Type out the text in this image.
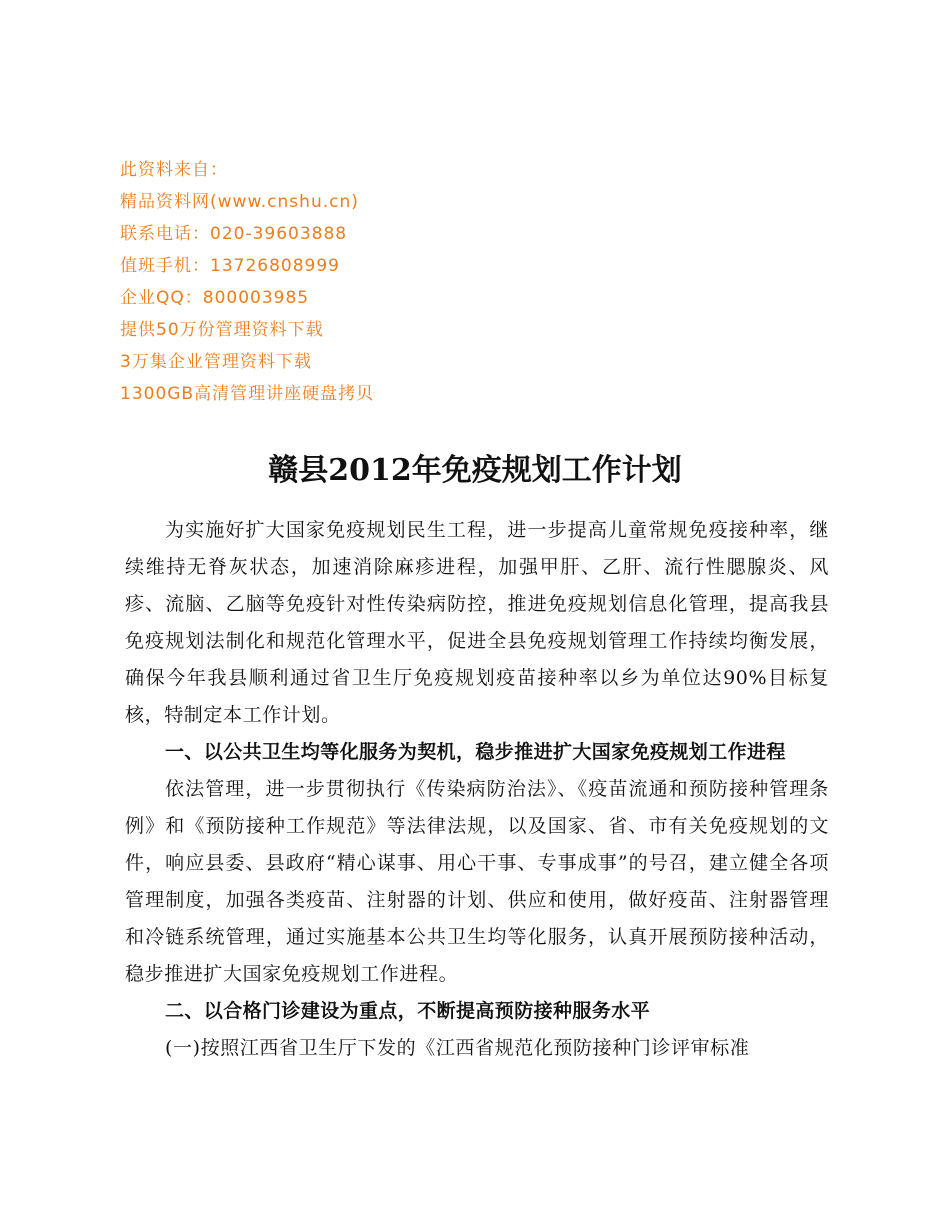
此资料来自：
精品资料网(www.cnshu.cn)
联系电话：020-39603888
值班手机：13726808999
企业QQ：800003985
提供50万份管理资料下载
3万集企业管理资料下载
1300GB高清管理讲座硬盘拷贝
赣县2012年免疫规划工作计划

为实施好扩大国家免疫规划民生工程，进一步提高儿童常规免疫接种率，继续维持无脊灰状态，加速消除麻疹进程，加强甲肝、乙肝、流行性腮腺炎、风疹、流脑、乙脑等免疫针对性传染病防控，推进免疫规划信息化管理，提高我县免疫规划法制化和规范化管理水平，促进全县免疫规划管理工作持续均衡发展，确保今年我县顺利通过省卫生厅免疫规划疫苗接种率以乡为单位达90%目标复核，特制定本工作计划。

一、以公共卫生均等化服务为契机，稳步推进扩大国家免疫规划工作进程

依法管理，进一步贯彻执行《传染病防治法》、《疫苗流通和预防接种管理条例》和《预防接种工作规范》等法律法规，以及国家、省、市有关免疫规划的文件，响应县委、县政府“精心谋事、用心干事、专事成事”的号召，建立健全各项管理制度，加强各类疫苗、注射器的计划、供应和使用，做好疫苗、注射器管理和冷链系统管理，通过实施基本公共卫生均等化服务，认真开展预防接种活动，稳步推进扩大国家免疫规划工作进程。

二、以合格门诊建设为重点，不断提高预防接种服务水平

(一)按照江西省卫生厅下发的《江西省规范化预防接种门诊评审标准
